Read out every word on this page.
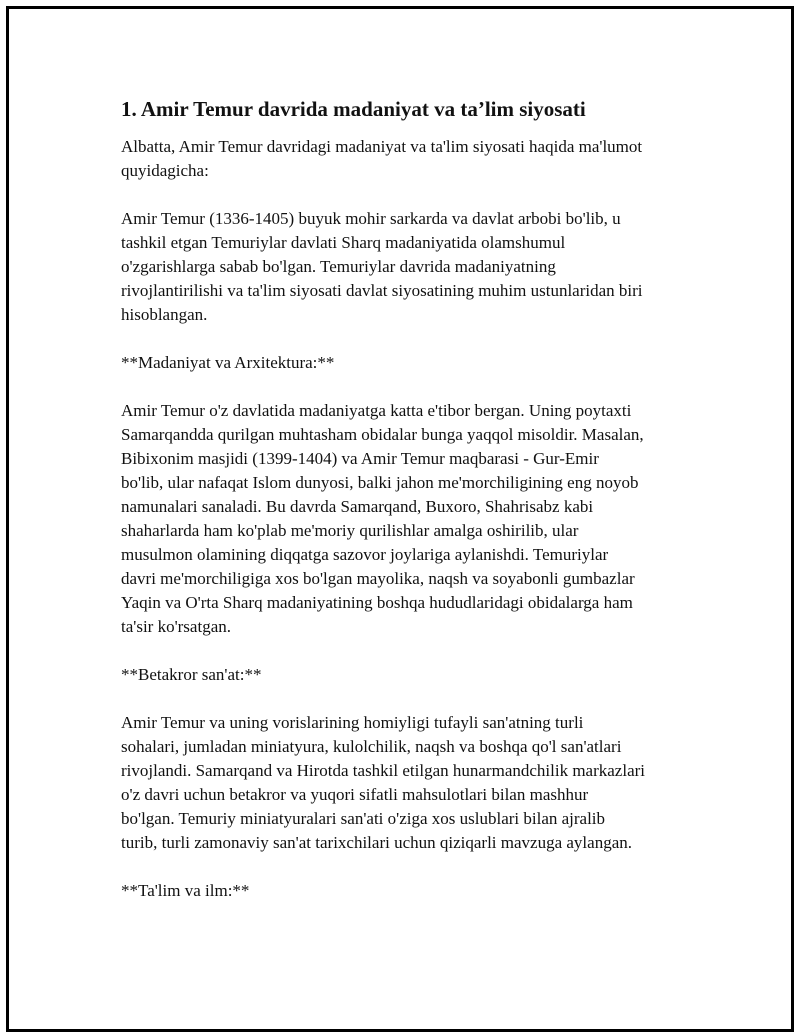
1. Amir Temur davrida madaniyat va ta’lim siyosati

Albatta, Amir Temur davridagi madaniyat va ta'lim siyosati haqida ma'lumot
quyidagicha:

Amir Temur (1336-1405) buyuk mohir sarkarda va davlat arbobi bo'lib, u
tashkil etgan Temuriylar davlati Sharq madaniyatida olamshumul
o'zgarishlarga sabab bo'lgan. Temuriylar davrida madaniyatning
rivojlantirilishi va ta'lim siyosati davlat siyosatining muhim ustunlaridan biri
hisoblangan.

**Madaniyat va Arxitektura:**

Amir Temur o'z davlatida madaniyatga katta e'tibor bergan. Uning poytaxti
Samarqandda qurilgan muhtasham obidalar bunga yaqqol misoldir. Masalan,
Bibixonim masjidi (1399-1404) va Amir Temur maqbarasi - Gur-Emir
bo'lib, ular nafaqat Islom dunyosi, balki jahon me'morchiligining eng noyob
namunalari sanaladi. Bu davrda Samarqand, Buxoro, Shahrisabz kabi
shaharlarda ham ko'plab me'moriy qurilishlar amalga oshirilib, ular
musulmon olamining diqqatga sazovor joylariga aylanishdi. Temuriylar
davri me'morchiligiga xos bo'lgan mayolika, naqsh va soyabonli gumbazlar
Yaqin va O'rta Sharq madaniyatining boshqa hududlaridagi obidalarga ham
ta'sir ko'rsatgan.

**Betakror san'at:**

Amir Temur va uning vorislarining homiyligi tufayli san'atning turli
sohalari, jumladan miniatyura, kulolchilik, naqsh va boshqa qo'l san'atlari
rivojlandi. Samarqand va Hirotda tashkil etilgan hunarmandchilik markazlari
o'z davri uchun betakror va yuqori sifatli mahsulotlari bilan mashhur
bo'lgan. Temuriy miniatyuralari san'ati o'ziga xos uslublari bilan ajralib
turib, turli zamonaviy san'at tarixchilari uchun qiziqarli mavzuga aylangan.

**Ta'lim va ilm:**
